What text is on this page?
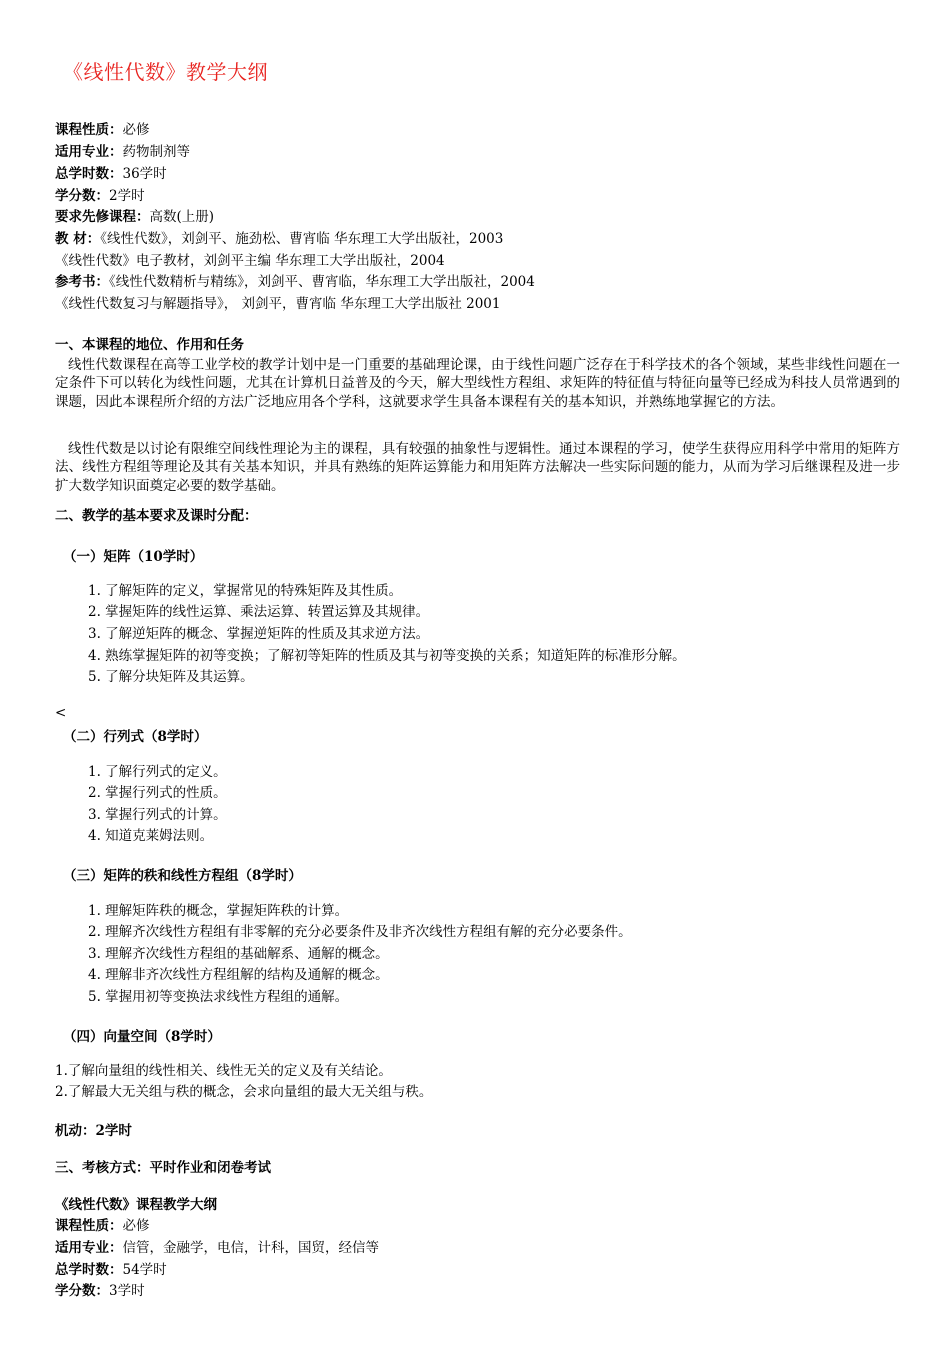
《线性代数》教学大纲
课程性质：必修
适用专业：药物制剂等
总学时数：36学时
学分数：2学时
要求先修课程：高数(上册)
教 材：《线性代数》，刘剑平、施劲松、曹宵临 华东理工大学出版社，2003
《线性代数》电子教材，刘剑平主编 华东理工大学出版社，2004
参考书：《线性代数精析与精练》，刘剑平、曹宵临，华东理工大学出版社，2004
《线性代数复习与解题指导》， 刘剑平，曹宵临 华东理工大学出版社 2001
一、本课程的地位、作用和任务
线性代数课程在高等工业学校的教学计划中是一门重要的基础理论课，由于线性问题广泛存在于科学技术的各个领域，某些非线性问题在一定条件下可以转化为线性问题，尤其在计算机日益普及的今天，解大型线性方程组、求矩阵的特征值与特征向量等已经成为科技人员常遇到的课题，因此本课程所介绍的方法广泛地应用各个学科，这就要求学生具备本课程有关的基本知识，并熟练地掌握它的方法。
线性代数是以讨论有限维空间线性理论为主的课程，具有较强的抽象性与逻辑性。通过本课程的学习，使学生获得应用科学中常用的矩阵方法、线性方程组等理论及其有关基本知识，并具有熟练的矩阵运算能力和用矩阵方法解决一些实际问题的能力，从而为学习后继课程及进一步扩大数学知识面奠定必要的数学基础。
二、教学的基本要求及课时分配：
（一）矩阵（10学时）
1. 了解矩阵的定义，掌握常见的特殊矩阵及其性质。
2. 掌握矩阵的线性运算、乘法运算、转置运算及其规律。
3. 了解逆矩阵的概念、掌握逆矩阵的性质及其求逆方法。
4. 熟练掌握矩阵的初等变换；了解初等矩阵的性质及其与初等变换的关系；知道矩阵的标准形分解。
5. 了解分块矩阵及其运算。
<
（二）行列式（8学时）
1. 了解行列式的定义。
2. 掌握行列式的性质。
3. 掌握行列式的计算。
4. 知道克莱姆法则。
（三）矩阵的秩和线性方程组（8学时）
1. 理解矩阵秩的概念，掌握矩阵秩的计算。
2. 理解齐次线性方程组有非零解的充分必要条件及非齐次线性方程组有解的充分必要条件。
3. 理解齐次线性方程组的基础解系、通解的概念。
4. 理解非齐次线性方程组解的结构及通解的概念。
5. 掌握用初等变换法求线性方程组的通解。
（四）向量空间（8学时）
1.了解向量组的线性相关、线性无关的定义及有关结论。
2.了解最大无关组与秩的概念，会求向量组的最大无关组与秩。
机动：2学时
三、考核方式：平时作业和闭卷考试
《线性代数》课程教学大纲
课程性质：必修
适用专业：信管，金融学，电信，计科，国贸，经信等
总学时数：54学时
学分数：3学时
